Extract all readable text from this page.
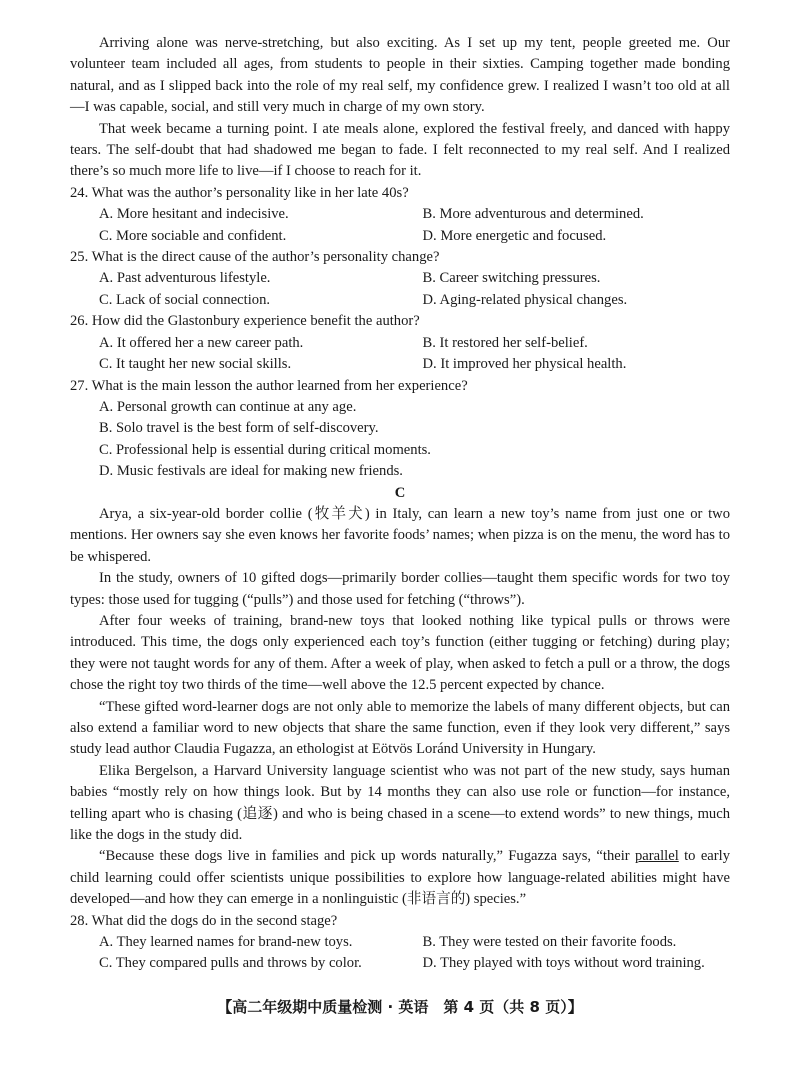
Arriving alone was nerve-stretching, but also exciting. As I set up my tent, people greeted me. Our volunteer team included all ages, from students to people in their sixties. Camping together made bonding natural, and as I slipped back into the role of my real self, my confidence grew. I realized I wasn’t too old at all—I was capable, social, and still very much in charge of my own story.

That week became a turning point. I ate meals alone, explored the festival freely, and danced with happy tears. The self-doubt that had shadowed me began to fade. I felt reconnected to my real self. And I realized there’s so much more life to live—if I choose to reach for it.

24. What was the author’s personality like in her late 40s?
A. More hesitant and indecisive.	B. More adventurous and determined.
C. More sociable and confident.	D. More energetic and focused.
25. What is the direct cause of the author’s personality change?
A. Past adventurous lifestyle.	B. Career switching pressures.
C. Lack of social connection.	D. Aging-related physical changes.
26. How did the Glastonbury experience benefit the author?
A. It offered her a new career path.	B. It restored her self-belief.
C. It taught her new social skills.	D. It improved her physical health.
27. What is the main lesson the author learned from her experience?
A. Personal growth can continue at any age.
B. Solo travel is the best form of self-discovery.
C. Professional help is essential during critical moments.
D. Music festivals are ideal for making new friends.
C

Arya, a six-year-old border collie (牧羊犬) in Italy, can learn a new toy’s name from just one or two mentions. Her owners say she even knows her favorite foods’ names; when pizza is on the menu, the word has to be whispered.

In the study, owners of 10 gifted dogs—primarily border collies—taught them specific words for two toy types: those used for tugging (“pulls”) and those used for fetching (“throws”).

After four weeks of training, brand-new toys that looked nothing like typical pulls or throws were introduced. This time, the dogs only experienced each toy’s function (either tugging or fetching) during play; they were not taught words for any of them. After a week of play, when asked to fetch a pull or a throw, the dogs chose the right toy two thirds of the time—well above the 12.5 percent expected by chance.

“These gifted word-learner dogs are not only able to memorize the labels of many different objects, but can also extend a familiar word to new objects that share the same function, even if they look very different,” says study lead author Claudia Fugazza, an ethologist at Eötvös Loránd University in Hungary.

Elika Bergelson, a Harvard University language scientist who was not part of the new study, says human babies “mostly rely on how things look. But by 14 months they can also use role or function—for instance, telling apart who is chasing (追逐) and who is being chased in a scene—to extend words” to new things, much like the dogs in the study did.

“Because these dogs live in families and pick up words naturally,” Fugazza says, “their parallel to early child learning could offer scientists unique possibilities to explore how language-related abilities might have developed—and how they can emerge in a nonlinguistic (非语言的) species.”

28. What did the dogs do in the second stage?
A. They learned names for brand-new toys.	B. They were tested on their favorite foods.
C. They compared pulls and throws by color.	D. They played with toys without word training.
【高二年级期中质量检测 · 英语　第 4 页（共 8 页）】
